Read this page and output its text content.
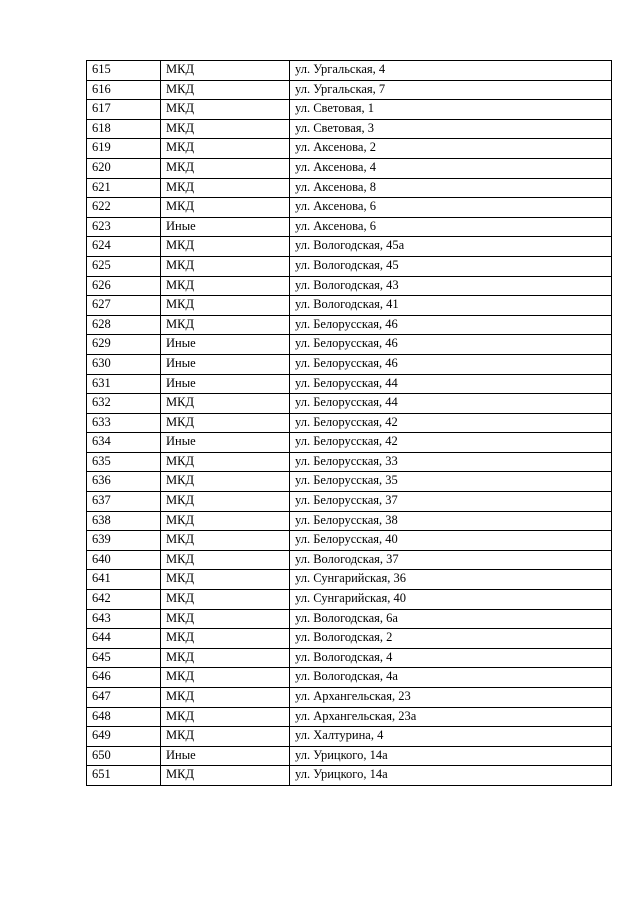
615	МКД	ул. Ургальская, 4
616	МКД	ул. Ургальская, 7
617	МКД	ул. Световая, 1
618	МКД	ул. Световая, 3
619	МКД	ул. Аксенова, 2
620	МКД	ул. Аксенова, 4
621	МКД	ул. Аксенова, 8
622	МКД	ул. Аксенова, 6
623	Иные	ул. Аксенова, 6
624	МКД	ул. Вологодская, 45а
625	МКД	ул. Вологодская, 45
626	МКД	ул. Вологодская, 43
627	МКД	ул. Вологодская, 41
628	МКД	ул. Белорусская, 46
629	Иные	ул. Белорусская, 46
630	Иные	ул. Белорусская, 46
631	Иные	ул. Белорусская, 44
632	МКД	ул. Белорусская, 44
633	МКД	ул. Белорусская, 42
634	Иные	ул. Белорусская, 42
635	МКД	ул. Белорусская, 33
636	МКД	ул. Белорусская, 35
637	МКД	ул. Белорусская, 37
638	МКД	ул. Белорусская, 38
639	МКД	ул. Белорусская, 40
640	МКД	ул. Вологодская, 37
641	МКД	ул. Сунгарийская, 36
642	МКД	ул. Сунгарийская, 40
643	МКД	ул. Вологодская, 6а
644	МКД	ул. Вологодская, 2
645	МКД	ул. Вологодская, 4
646	МКД	ул. Вологодская, 4а
647	МКД	ул. Архангельская, 23
648	МКД	ул. Архангельская, 23а
649	МКД	ул. Халтурина, 4
650	Иные	ул. Урицкого, 14а
651	МКД	ул. Урицкого, 14а
